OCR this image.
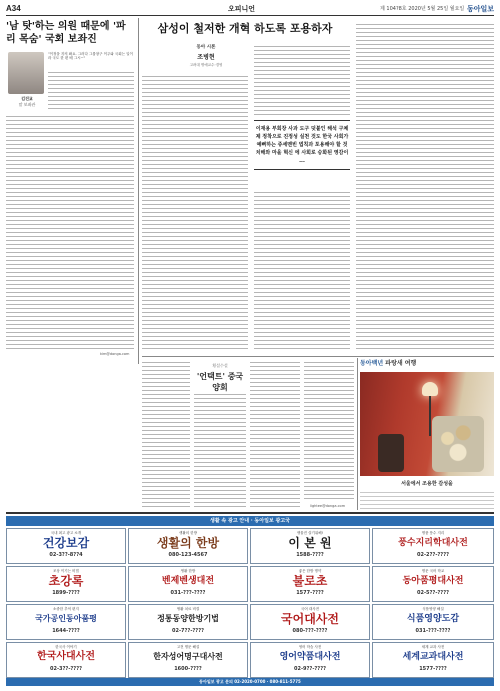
A34	오피니언	제 104?8호 2020년 5월 25일 월요일 동아일보
'남 탓'하는 의원 때문에 '파리 목숨' 국회 보좌진
"이정을 지켜 봐요. 그러다 그룹창구 이주와 국회는 일이라 국도 한 편 배 그시~"
김진교
말 보좌관
kim@donga.com
삼성이 철저한 개혁 하도록 포용하자
동아 시론
조병현
고려대 명예교수·경영
이재용 부회장 사과 도구 덧붙인 해석 구체제 정착으로 진정성 실천 것도 한국 사회가 예뻐하는 쥬세멘빈 법칙과 포용해야 할 것 치해와 마을 혁신 에 사회로 승화된 영감이 ...
횡설수설
'언택트' 중국 양회
lightee@donga.com
동아백년 파랑새 여행
서울에서 조용한 감성을
생활 속 광고 안내 · 동아일보 광고국
국내 최고 광고 소개
건강보감
02-3??-8??4
생활의 한방
생활의 한방
080-123-4567
생물진 살기위해!
이 본 원
1588-????
명품 풍수 지리
풍수지리학대사전
02-2??-????
조상 이기는 비법
초강록
1899-????
생활 한방
벤제벤생대전
031-???-????
좋은 한방 명약
불로초
1577-????
명문 국어 학교
동아품평대사전
02-5??-????
소중한 추억 편지
국가공인동아품평
1644-????
생활 치료 비결
정통동양한방기법
02-7??-????
국어 대사전
국어대사전
080-???-????
식품영양 해설
식품영양도감
031-???-????
한국사 이야기
한국사대사전
02-3??-????
고전 명문 해설
한자성어명구대사전
1600-????
영어 학습 사전
영어약품대사전
02-9??-????
세계 교과 사전
세계교과대사전
1577-????
동아일보 광고 문의 02-2020-0700 · 080-811-5775
